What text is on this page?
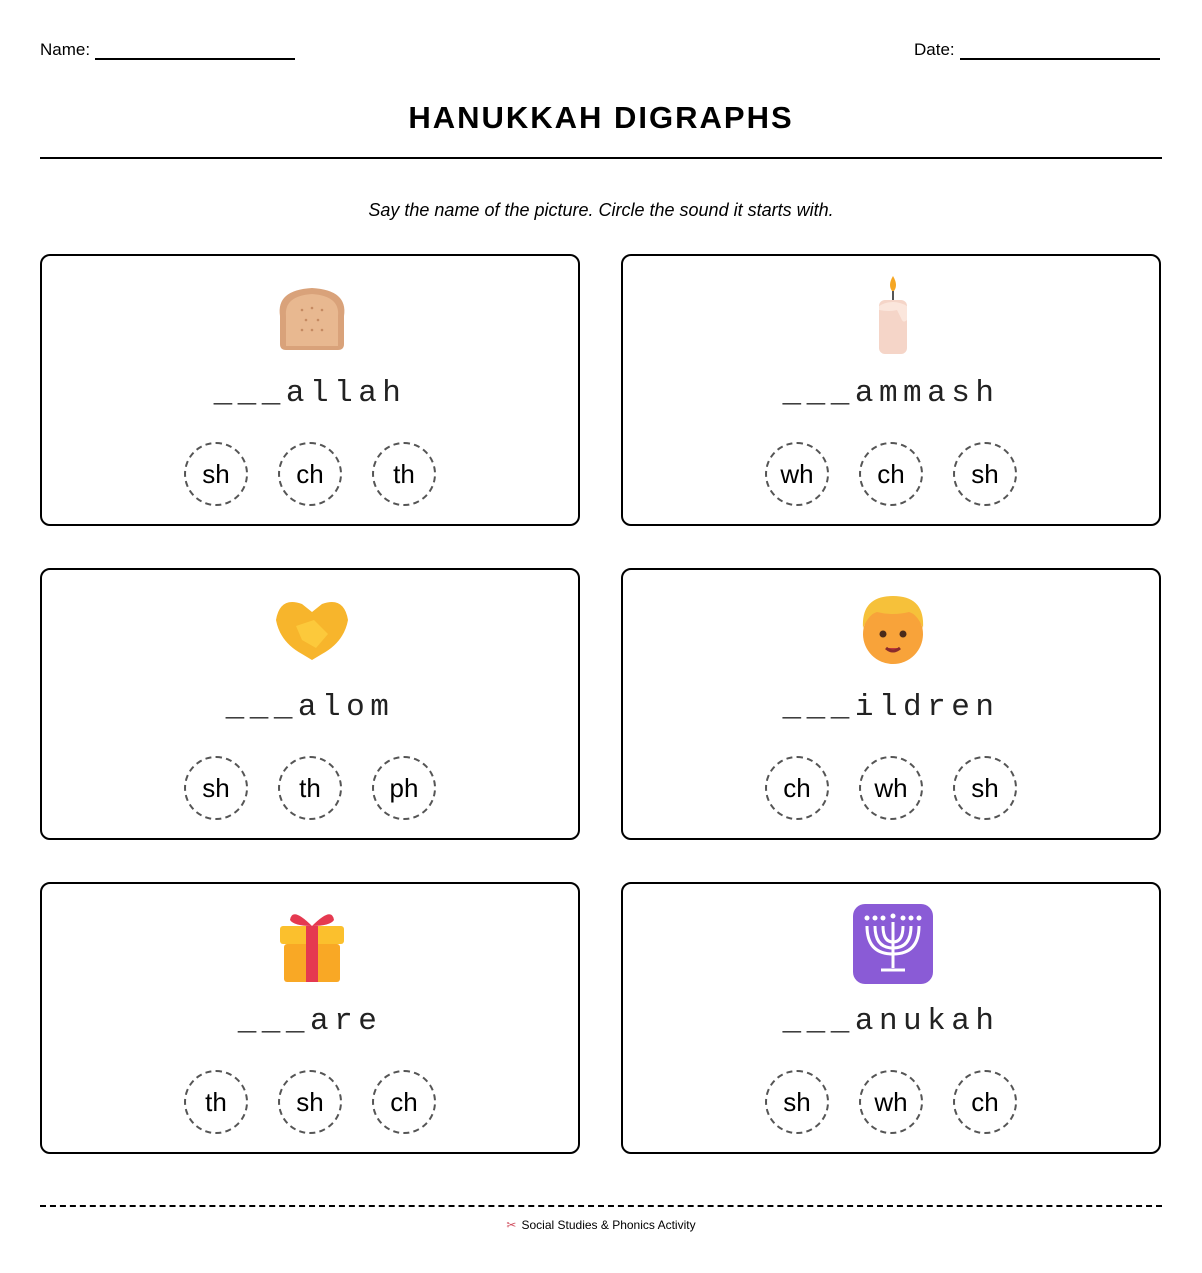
Name:	Date:
HANUKKAH DIGRAPHS
Say the name of the picture. Circle the sound it starts with.
___allah
sh	ch	th
___ammash
wh	ch	sh
___alom
sh	th	ph
___ildren
ch	wh	sh
___are
th	sh	ch
___anukah
sh	wh	ch
✂ Social Studies & Phonics Activity
